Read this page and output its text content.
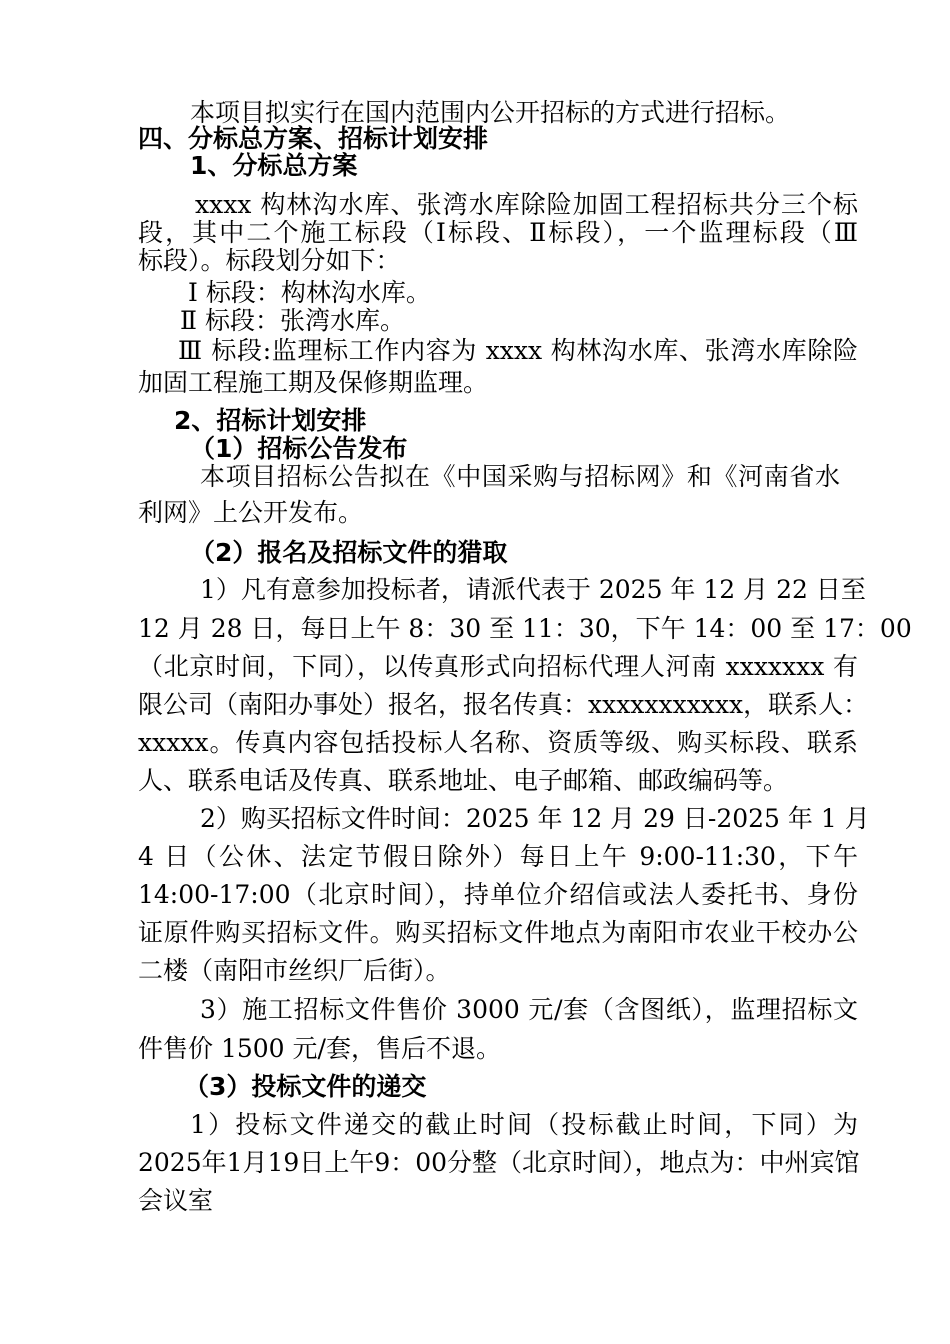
本项目拟实行在国内范围内公开招标的方式进行招标。
四、分标总方案、招标计划安排
1、分标总方案
xxxx 构林沟水库、张湾水库除险加固工程招标共分三个标
段，其中二个施工标段（Ⅰ标段、Ⅱ标段），一个监理标段（Ⅲ
标段）。标段划分如下：
Ⅰ 标段：构林沟水库。
Ⅱ 标段：张湾水库。
Ⅲ 标段:监理标工作内容为 xxxx 构林沟水库、张湾水库除险
加固工程施工期及保修期监理。
2、招标计划安排
（1）招标公告发布
本项目招标公告拟在《中国采购与招标网》和《河南省水
利网》上公开发布。
（2）报名及招标文件的猎取
1）凡有意参加投标者，请派代表于 2025 年 12 月 22 日至
12 月 28 日，每日上午 8：30 至 11：30，下午 14：00 至 17：00
（北京时间，下同），以传真形式向招标代理人河南 xxxxxxx 有
限公司（南阳办事处）报名，报名传真：xxxxxxxxxxx，联系人：
xxxxx。传真内容包括投标人名称、资质等级、购买标段、联系
人、联系电话及传真、联系地址、电子邮箱、邮政编码等。
2）购买招标文件时间：2025 年 12 月 29 日-2025 年 1 月
4 日（公休、法定节假日除外）每日上午 9:00-11:30，下午
14:00-17:00（北京时间），持单位介绍信或法人委托书、身份
证原件购买招标文件。购买招标文件地点为南阳市农业干校办公
二楼（南阳市丝织厂后街）。
3）施工招标文件售价 3000 元/套（含图纸），监理招标文
件售价 1500 元/套，售后不退。
（3）投标文件的递交
1）投标文件递交的截止时间（投标截止时间，下同）为
2025年1月19日上午9：00分整（北京时间），地点为：中州宾馆
会议室
